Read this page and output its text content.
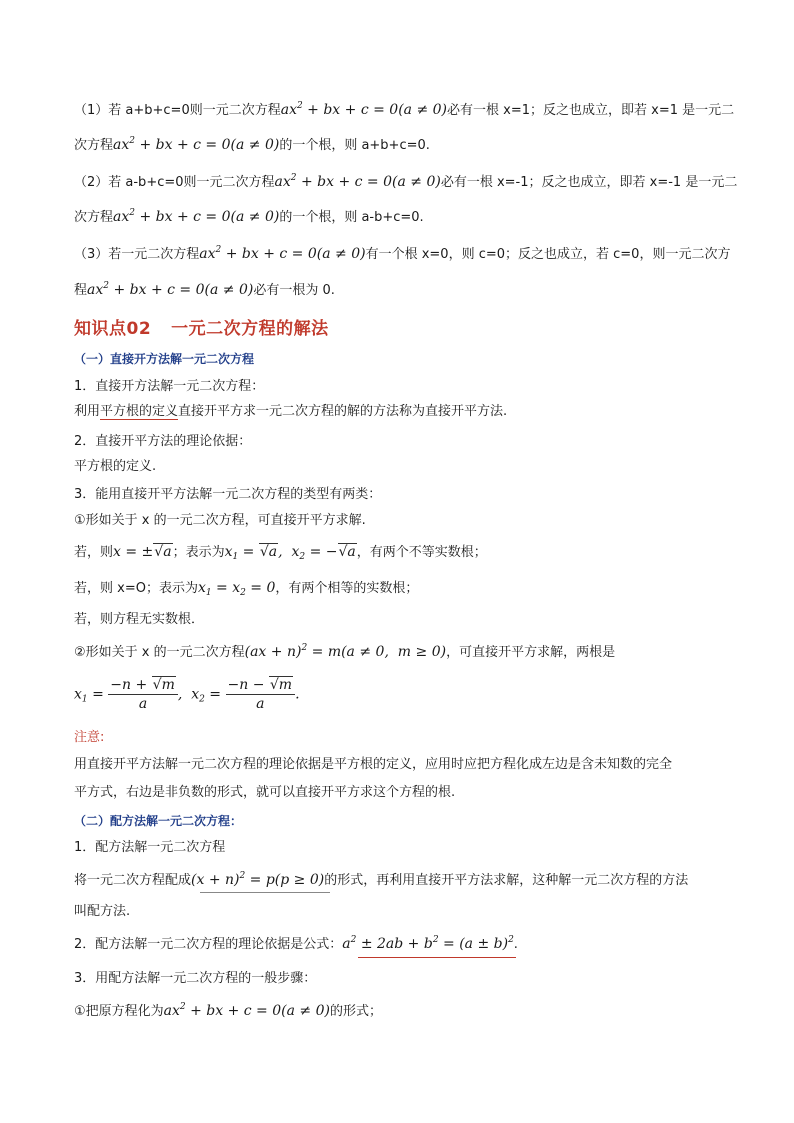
（1）若 a+b+c=0则一元二次方程$ax^2$ + bx + c = 0(a ≠ 0)必有一根 x=1；反之也成立，即若 x=1 是一元二
次方程$ax^2$ + bx + c = 0(a ≠ 0)的一个根，则 a+b+c=0.
（2）若 a-b+c=0则一元二次方程$ax^2$ + bx + c = 0(a ≠ 0)必有一根 x=-1；反之也成立，即若 x=-1 是一元二
次方程$ax^2$ + bx + c = 0(a ≠ 0)的一个根，则 a-b+c=0.
（3）若一元二次方程$ax^2$ + bx + c = 0(a ≠ 0)有一个根 x=0，则 c=0；反之也成立，若 c=0，则一元二次方
程$ax^2$ + bx + c = 0(a ≠ 0)必有一根为 0.
知识点02 一元二次方程的解法
（一）直接开方法解一元二次方程
1．直接开方法解一元二次方程：
利用平方根的定义直接开平方求一元二次方程的解的方法称为直接开平方法.
2．直接开平方法的理论依据：
平方根的定义.
3．能用直接开平方法解一元二次方程的类型有两类：
①形如关于 x 的一元二次方程，可直接开平方求解.
若，则x = ±√a；表示为$x_1 = √a$,  $x_2 = -√a$，有两个不等实数根；
若，则 x=O；表示为$x_1 = x_2 = 0$，有两个相等的实数根；
若，则方程无实数根．
②形如关于 x 的一元二次方程(ax + n)$^2$ = m(a ≠ 0,  m ≥ 0)，可直接开平方求解，两根是
$x_1 = \frac{-n + √m}{a}$ ,  $x_2 = \frac{-n - √m}{a}$ .
注意:
用直接开平方法解一元二次方程的理论依据是平方根的定义，应用时应把方程化成左边是含未知数的完全
平方式，右边是非负数的形式，就可以直接开平方求这个方程的根.
（二）配方法解一元二次方程：
1．配方法解一元二次方程
将一元二次方程配成$(x + n)^2 = p(p \ge 0)$的形式，再利用直接开平方法求解，这种解一元二次方程的方法
叫配方法.
2．配方法解一元二次方程的理论依据是公式：$a^2 \pm 2ab + b^2 = (a \pm b)^2$.
3．用配方法解一元二次方程的一般步骤：
①把原方程化为$ax^2$ + bx + c = 0(a ≠ 0)的形式；
